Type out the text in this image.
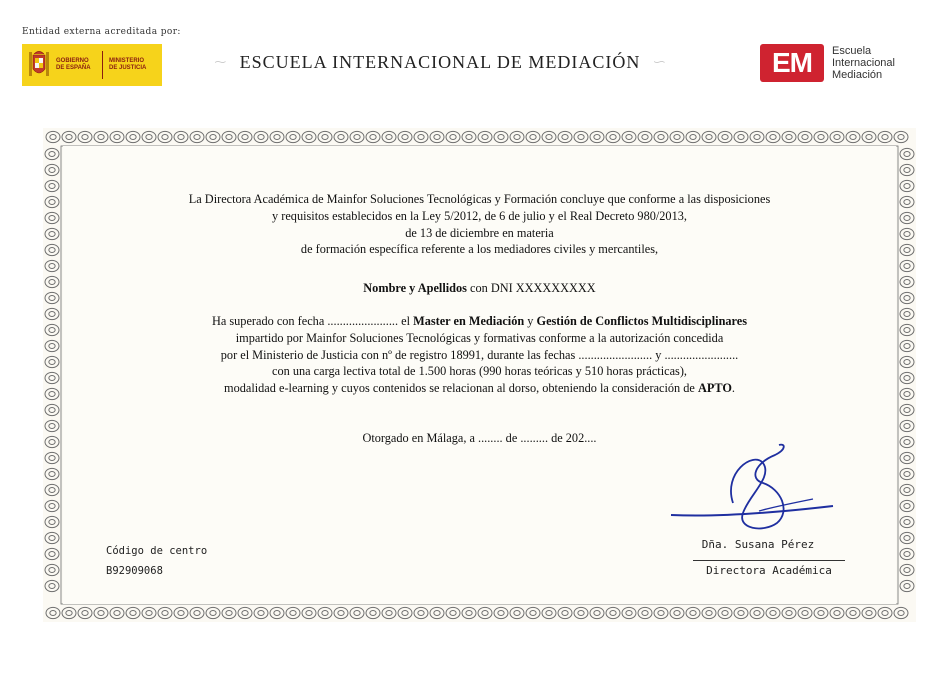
Entidad externa acreditada por:
GOBIERNO
DE ESPAÑA
MINISTERIO
DE JUSTICIA	ESCUELA INTERNACIONAL DE MEDIACIÓN	EM	Escuela
Internacional
Mediación
La Directora Académica de Mainfor Soluciones Tecnológicas y Formación concluye que conforme a las disposiciones
y requisitos establecidos en la Ley 5/2012, de 6 de julio y el Real Decreto 980/2013,
de 13 de diciembre en materia
de formación específica referente a los mediadores civiles y mercantiles,
Nombre y Apellidos con DNI XXXXXXXXX
Ha superado con fecha ....................... el Master en Mediación y Gestión de Conflictos Multidisciplinares
impartido por Mainfor Soluciones Tecnológicas y formativas conforme a la autorización concedida
por el Ministerio de Justicia con nº de registro 18991, durante las fechas ........................ y ........................
con una carga lectiva total de 1.500 horas (990 horas teóricas y 510 horas prácticas),
modalidad e-learning y cuyos contenidos se relacionan al dorso, obteniendo la consideración de APTO.
Otorgado en Málaga, a ........ de ......... de 202....
Código de centro
B92909068
Dña. Susana Pérez
Directora Académica
